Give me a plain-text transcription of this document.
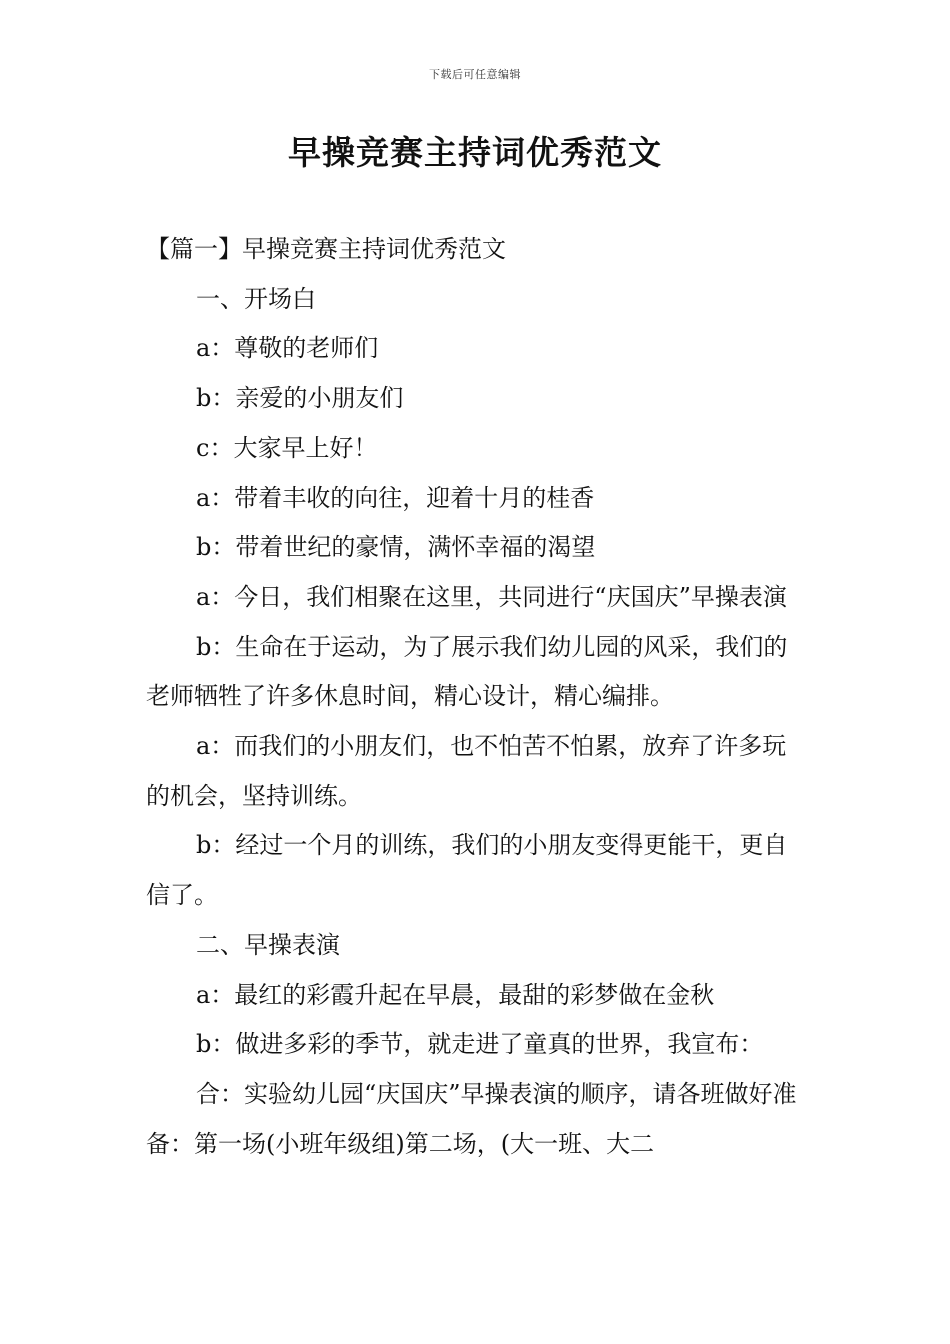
下载后可任意编辑
早操竞赛主持词优秀范文

【篇一】早操竞赛主持词优秀范文

一、开场白

a：尊敬的老师们

b：亲爱的小朋友们

c：大家早上好！

a：带着丰收的向往，迎着十月的桂香

b：带着世纪的豪情，满怀幸福的渴望

a：今日，我们相聚在这里，共同进行“庆国庆”早操表演

b：生命在于运动，为了展示我们幼儿园的风采，我们的老师牺牲了许多休息时间，精心设计，精心编排。

a：而我们的小朋友们，也不怕苦不怕累，放弃了许多玩的机会，坚持训练。

b：经过一个月的训练，我们的小朋友变得更能干，更自信了。

二、早操表演

a：最红的彩霞升起在早晨，最甜的彩梦做在金秋

b：做进多彩的季节，就走进了童真的世界，我宣布：

合：实验幼儿园“庆国庆”早操表演的顺序，请各班做好准备：第一场(小班年级组)第二场，(大一班、大二
